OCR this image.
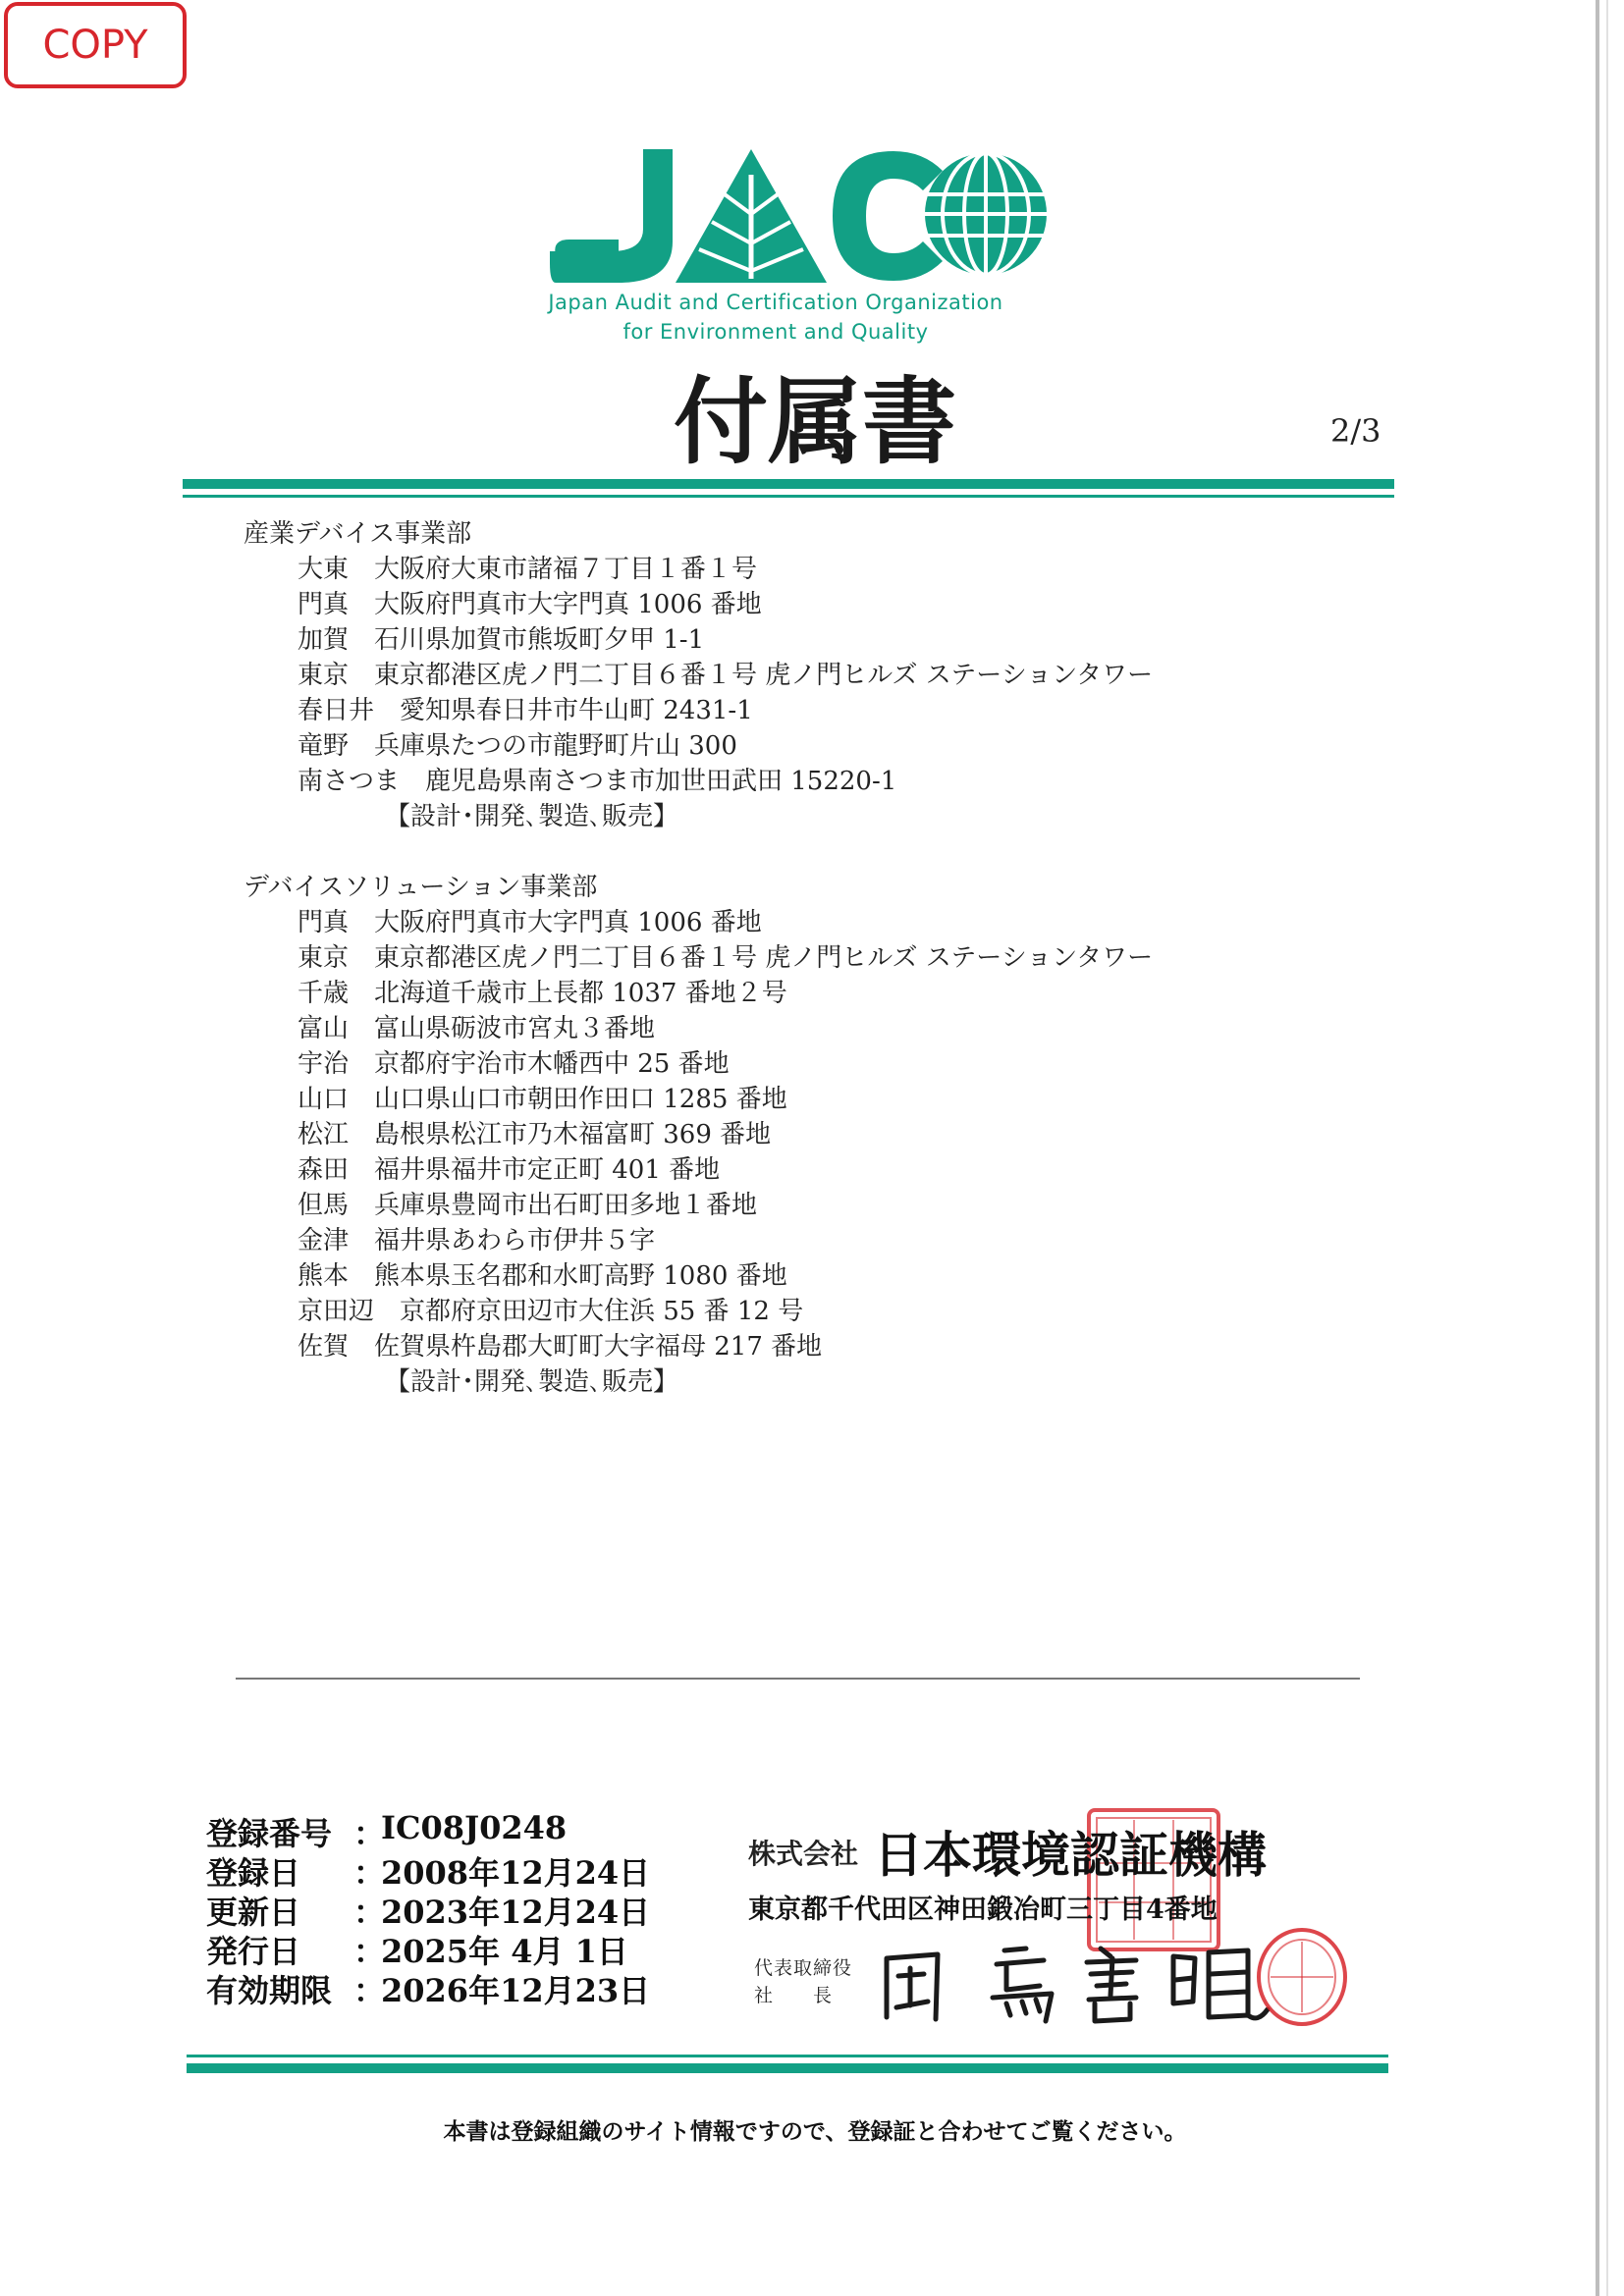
COPY
JACO
Japan Audit and Certification Organization
for Environment and Quality
付属書	2/3
産業デバイス事業部
大東　大阪府大東市諸福７丁目１番１号
門真　大阪府門真市大字門真 1006 番地
加賀　石川県加賀市熊坂町夕甲 1-1
東京　東京都港区虎ノ門二丁目６番１号 虎ノ門ヒルズ ステーションタワー
春日井　愛知県春日井市牛山町 2431-1
竜野　兵庫県たつの市龍野町片山 300
南さつま　鹿児島県南さつま市加世田武田 15220-1
【設計･開発､製造､販売】
デバイスソリューション事業部
門真　大阪府門真市大字門真 1006 番地
東京　東京都港区虎ノ門二丁目６番１号 虎ノ門ヒルズ ステーションタワー
千歳　北海道千歳市上長都 1037 番地２号
富山　富山県砺波市宮丸３番地
宇治　京都府宇治市木幡西中 25 番地
山口　山口県山口市朝田作田口 1285 番地
松江　島根県松江市乃木福富町 369 番地
森田　福井県福井市定正町 401 番地
但馬　兵庫県豊岡市出石町田多地１番地
金津　福井県あわら市伊井５字
熊本　熊本県玉名郡和水町高野 1080 番地
京田辺　京都府京田辺市大住浜 55 番 12 号
佐賀　佐賀県杵島郡大町町大字福母 217 番地
【設計･開発､製造､販売】
登録番号 ：
IC08J0248
登録日 ：
2008年12月24日
更新日 ：
2023年12月24日
発行日 ：
2025年 4月 1日
有効期限 ：
2026年12月23日
株式会社 日本環境認証機構
東京都千代田区神田鍛冶町三丁目4番地
代表取締役
社　　長
岡島善明
本書は登録組織のサイト情報ですので、登録証と合わせてご覧ください。
